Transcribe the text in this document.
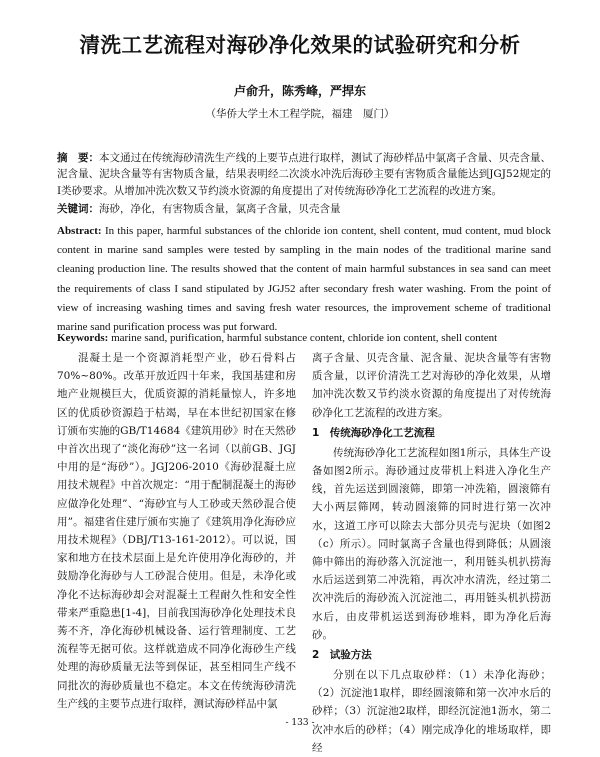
清洗工艺流程对海砂净化效果的试验研究和分析
卢俞升，陈秀峰，严捍东
（华侨大学土木工程学院，福建　厦门）
摘　要：本文通过在传统海砂清洗生产线的上要节点进行取样，测试了海砂样品中氯离子含量、贝壳含量、泥含量、泥块含量等有害物质含量，结果表明经二次淡水冲洗后海砂主要有害物质含量能达到JGJ52规定的I类砂要求。从增加冲洗次数又节约淡水资源的角度提出了对传统海砂净化工艺流程的改进方案。
关键词：海砂，净化，有害物质含量，氯离子含量，贝壳含量
Abstract: In this paper, harmful substances of the chloride ion content, shell content, mud content, mud block content in marine sand samples were tested by sampling in the main nodes of the traditional marine sand cleaning production line. The results showed that the content of main harmful substances in sea sand can meet the requirements of class I sand stipulated by JGJ52 after secondary fresh water washing. From the point of view of increasing washing times and saving fresh water resources, the improvement scheme of traditional marine sand purification process was put forward.
Keywords: marine sand, purification, harmful substance content, chloride ion content, shell content

混凝土是一个资源消耗型产业，砂石骨料占70%~80%。改革开放近四十年来，我国基建和房地产业规模巨大，优质资源的消耗量惊人，许多地区的优质砂资源趋于枯竭，早在本世纪初国家在修订颁布实施的GB/T14684《建筑用砂》时在天然砂中首次出现了“淡化海砂”这一名词（以前GB、JGJ中用的是“海砂”）。JGJ206-2010《海砂混凝土应用技术规程》中首次规定：“用于配制混凝土的海砂应做净化处理”、“海砂宜与人工砂或天然砂混合使用”。福建省住建厅颁布实施了《建筑用净化海砂应用技术规程》（DBJ/T13-161-2012）。可以说，国家和地方在技术层面上是允许使用净化海砂的，并鼓励净化海砂与人工砂混合使用。但是，未净化或净化不达标海砂却会对混凝土工程耐久性和安全性带来严重隐患[1-4]，目前我国海砂净化处理技术良莠不齐，净化海砂机械设备、运行管理制度、工艺流程等无据可依。这样就造成不同净化海砂生产线处理的海砂质量无法等到保证，甚至相同生产线不同批次的海砂质量也不稳定。本文在传统海砂清洗生产线的主要节点进行取样，测试海砂样品中氯

离子含量、贝壳含量、泥含量、泥块含量等有害物质含量，以评价清洗工艺对海砂的净化效果，从增加冲洗次数又节约淡水资源的角度提出了对传统海砂净化工艺流程的改进方案。

1　传统海砂净化工艺流程

传统海砂净化工艺流程如图1所示，具体生产设备如图2所示。海砂通过皮带机上料进入净化生产线，首先运送到圆滚筛，即第一冲洗箱，圆滚筛有大小两层筛网，转动圆滚筛的同时进行第一次冲水，这道工序可以除去大部分贝壳与泥块（如图2（c）所示）。同时氯离子含量也得到降低；从圆滚筛中筛出的海砂落入沉淀池一，利用链头机扒捞海水后运送到第二冲洗箱，再次冲水清洗，经过第二次冲洗后的海砂流入沉淀池二，再用链头机扒捞沥水后，由皮带机运送到海砂堆料，即为净化后海砂。

2　试验方法

分别在以下几点取砂样：（1）未净化海砂；（2）沉淀池1取样，即经圆滚筛和第一次冲水后的砂样；（3）沉淀池2取样，即经沉淀池1沥水，第二次冲水后的砂样；（4）刚完成净化的堆场取样，即经

- 133 -
